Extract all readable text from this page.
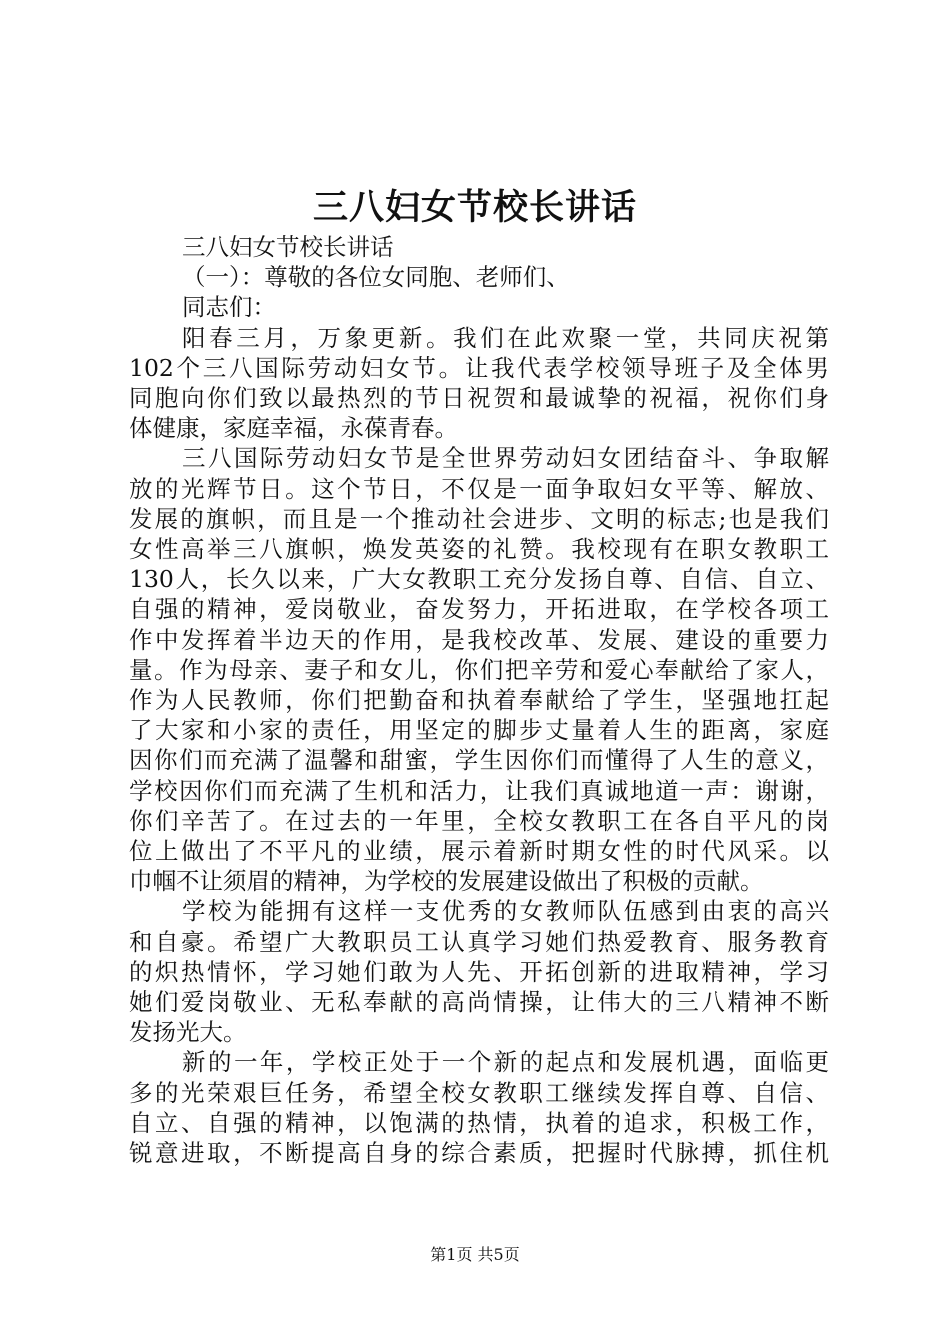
三八妇女节校长讲话

三八妇女节校长讲话

（一）：尊敬的各位女同胞、老师们、

同志们：

阳春三月，万象更新。我们在此欢聚一堂，共同庆祝第

102个三八国际劳动妇女节。让我代表学校领导班子及全体男

同胞向你们致以最热烈的节日祝贺和最诚挚的祝福，祝你们身

体健康，家庭幸福，永葆青春。

三八国际劳动妇女节是全世界劳动妇女团结奋斗、争取解

放的光辉节日。这个节日，不仅是一面争取妇女平等、解放、

发展的旗帜，而且是一个推动社会进步、文明的标志;也是我们

女性高举三八旗帜，焕发英姿的礼赞。我校现有在职女教职工

130人，长久以来，广大女教职工充分发扬自尊、自信、自立、

自强的精神，爱岗敬业，奋发努力，开拓进取，在学校各项工

作中发挥着半边天的作用，是我校改革、发展、建设的重要力

量。作为母亲、妻子和女儿，你们把辛劳和爱心奉献给了家人，

作为人民教师，你们把勤奋和执着奉献给了学生，坚强地扛起

了大家和小家的责任，用坚定的脚步丈量着人生的距离，家庭

因你们而充满了温馨和甜蜜，学生因你们而懂得了人生的意义，

学校因你们而充满了生机和活力，让我们真诚地道一声：谢谢，

你们辛苦了。在过去的一年里，全校女教职工在各自平凡的岗

位上做出了不平凡的业绩，展示着新时期女性的时代风采。以

巾帼不让须眉的精神，为学校的发展建设做出了积极的贡献。

学校为能拥有这样一支优秀的女教师队伍感到由衷的高兴

和自豪。希望广大教职员工认真学习她们热爱教育、服务教育

的炽热情怀，学习她们敢为人先、开拓创新的进取精神，学习

她们爱岗敬业、无私奉献的高尚情操，让伟大的三八精神不断

发扬光大。

新的一年，学校正处于一个新的起点和发展机遇，面临更

多的光荣艰巨任务，希望全校女教职工继续发挥自尊、自信、

自立、自强的精神，以饱满的热情，执着的追求，积极工作，

锐意进取，不断提高自身的综合素质，把握时代脉搏，抓住机

第1页 共5页
